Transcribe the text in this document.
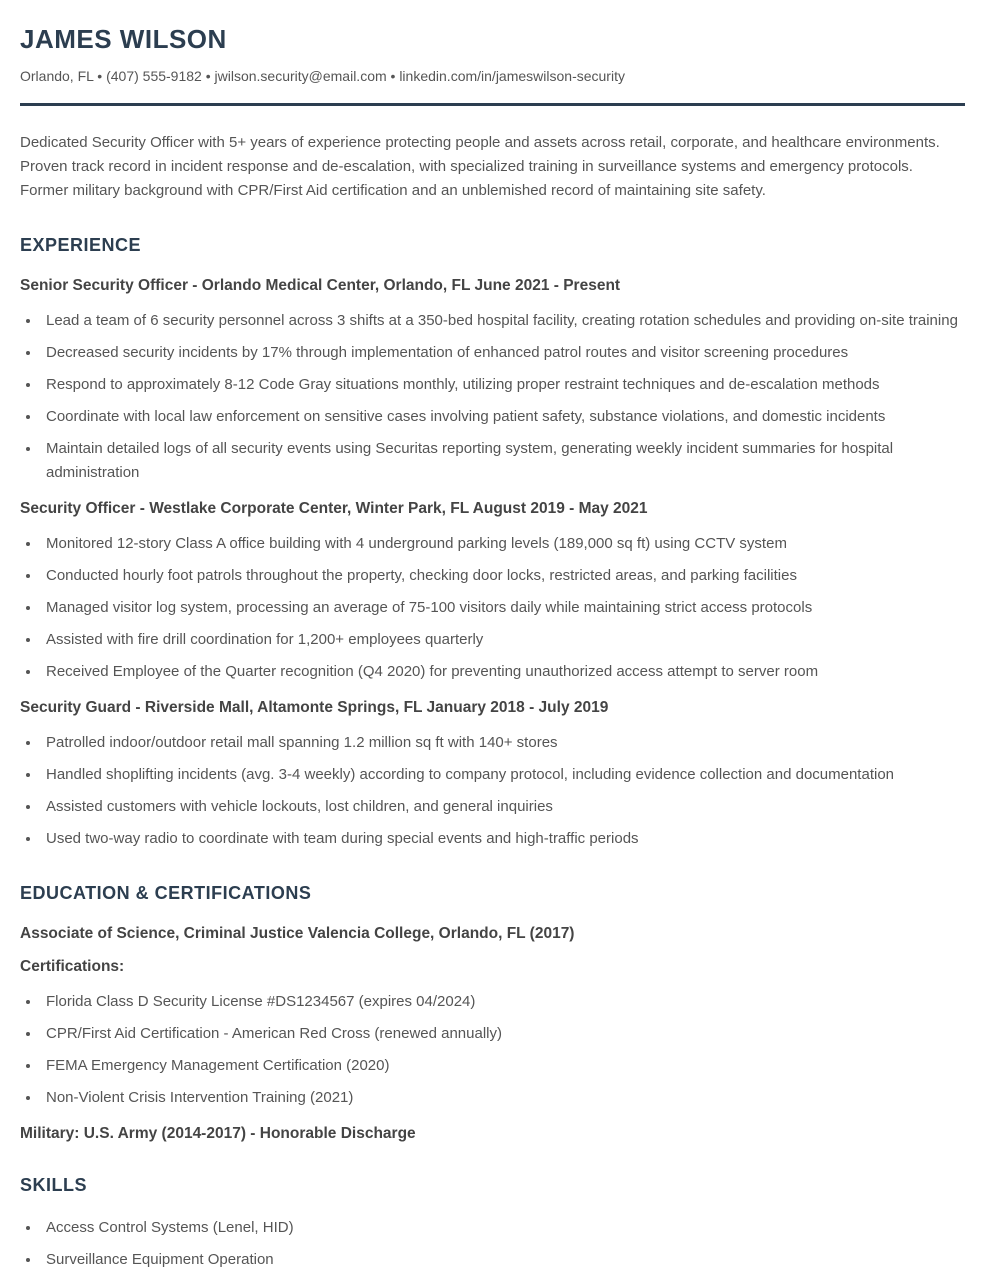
JAMES WILSON

Orlando, FL • (407) 555-9182 • jwilson.security@email.com • linkedin.com/in/jameswilson-security

Dedicated Security Officer with 5+ years of experience protecting people and assets across retail, corporate, and healthcare environments. Proven track record in incident response and de-escalation, with specialized training in surveillance systems and emergency protocols. Former military background with CPR/First Aid certification and an unblemished record of maintaining site safety.

EXPERIENCE
Senior Security Officer - Orlando Medical Center, Orlando, FL June 2021 - Present
• Lead a team of 6 security personnel across 3 shifts at a 350-bed hospital facility, creating rotation schedules and providing on-site training
• Decreased security incidents by 17% through implementation of enhanced patrol routes and visitor screening procedures
• Respond to approximately 8-12 Code Gray situations monthly, utilizing proper restraint techniques and de-escalation methods
• Coordinate with local law enforcement on sensitive cases involving patient safety, substance violations, and domestic incidents
• Maintain detailed logs of all security events using Securitas reporting system, generating weekly incident summaries for hospital administration
Security Officer - Westlake Corporate Center, Winter Park, FL August 2019 - May 2021
• Monitored 12-story Class A office building with 4 underground parking levels (189,000 sq ft) using CCTV system
• Conducted hourly foot patrols throughout the property, checking door locks, restricted areas, and parking facilities
• Managed visitor log system, processing an average of 75-100 visitors daily while maintaining strict access protocols
• Assisted with fire drill coordination for 1,200+ employees quarterly
• Received Employee of the Quarter recognition (Q4 2020) for preventing unauthorized access attempt to server room
Security Guard - Riverside Mall, Altamonte Springs, FL January 2018 - July 2019
• Patrolled indoor/outdoor retail mall spanning 1.2 million sq ft with 140+ stores
• Handled shoplifting incidents (avg. 3-4 weekly) according to company protocol, including evidence collection and documentation
• Assisted customers with vehicle lockouts, lost children, and general inquiries
• Used two-way radio to coordinate with team during special events and high-traffic periods
EDUCATION & CERTIFICATIONS

Associate of Science, Criminal Justice Valencia College, Orlando, FL (2017)

Certifications:

• Florida Class D Security License #DS1234567 (expires 04/2024)
• CPR/First Aid Certification - American Red Cross (renewed annually)
• FEMA Emergency Management Certification (2020)
• Non-Violent Crisis Intervention Training (2021)

Military: U.S. Army (2014-2017) - Honorable Discharge

SKILLS
• Access Control Systems (Lenel, HID)
• Surveillance Equipment Operation
